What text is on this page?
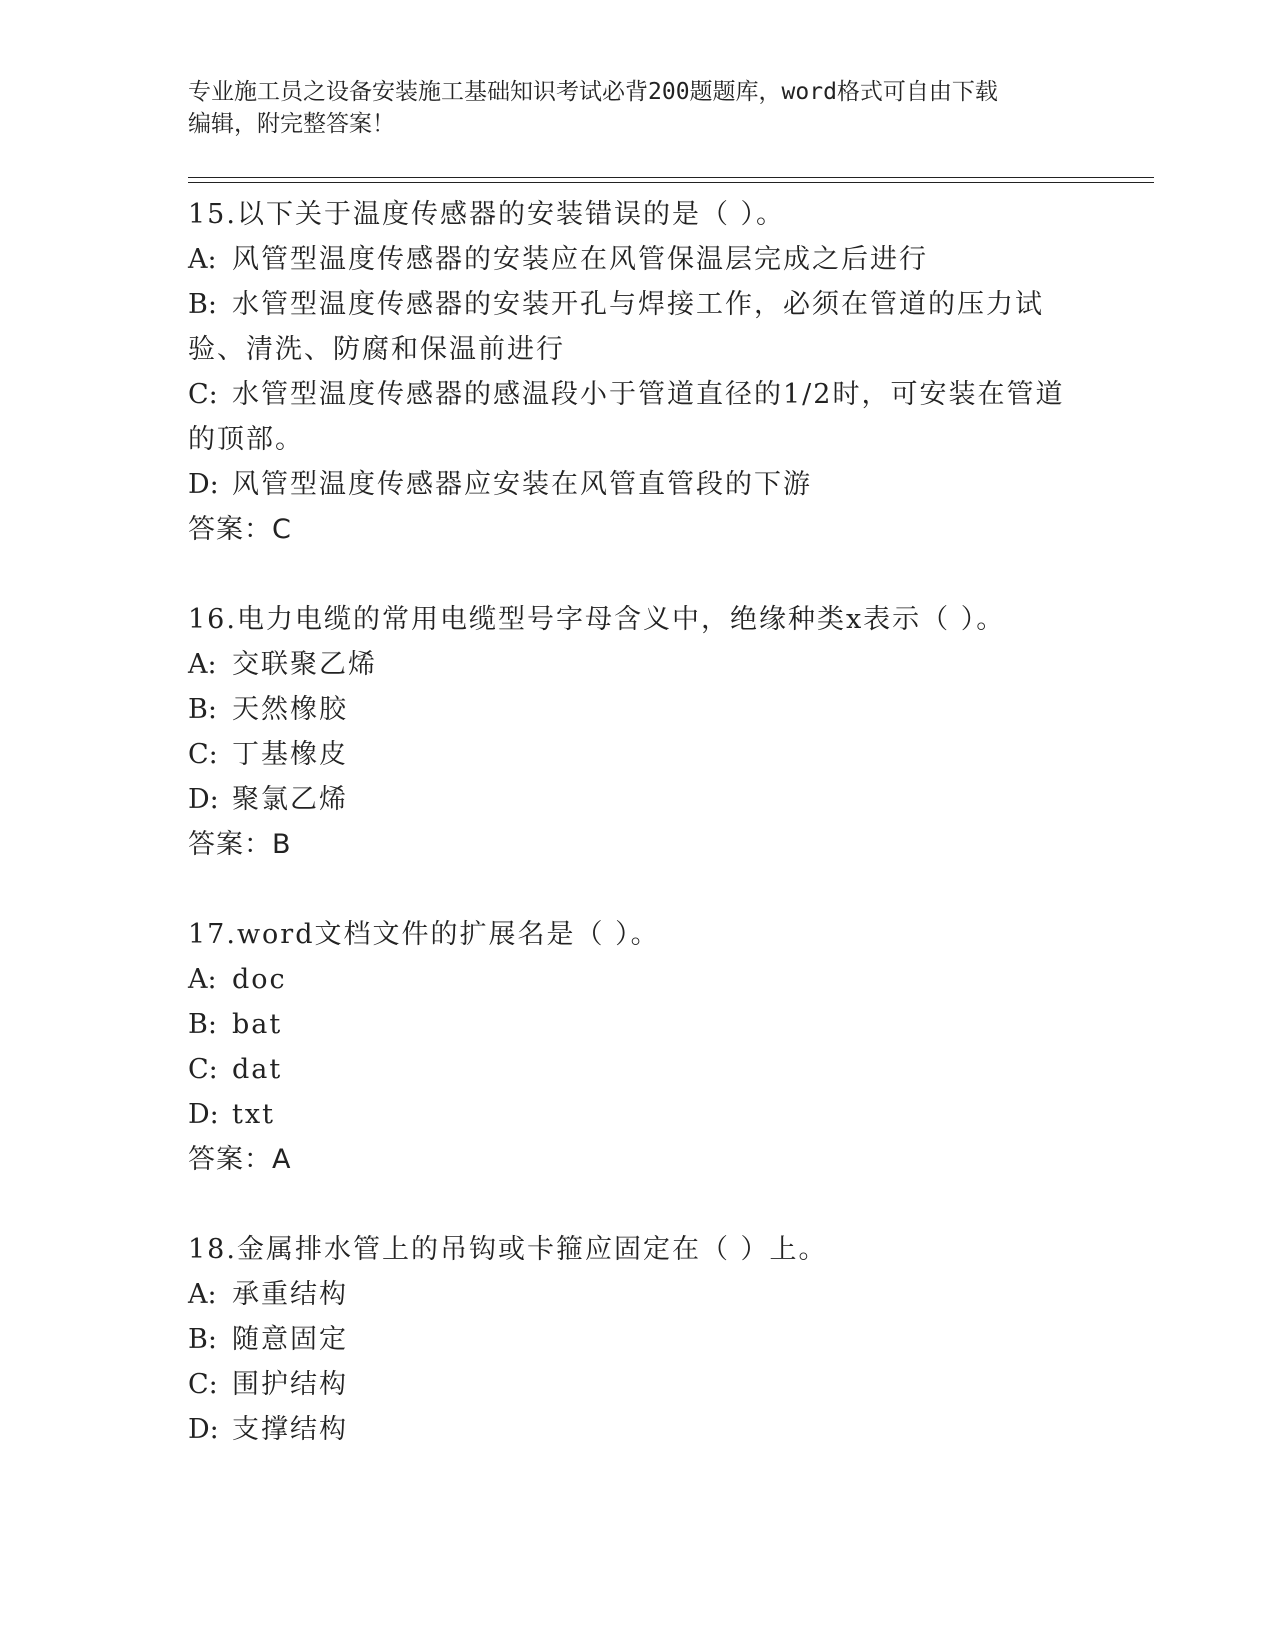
专业施工员之设备安装施工基础知识考试必背200题题库，word格式可自由下载
编辑，附完整答案！
15.以下关于温度传感器的安装错误的是（ ）。
A: 风管型温度传感器的安装应在风管保温层完成之后进行
B: 水管型温度传感器的安装开孔与焊接工作，必须在管道的压力试验、清洗、防腐和保温前进行
C: 水管型温度传感器的感温段小于管道直径的1/2时，可安装在管道的顶部。
D: 风管型温度传感器应安装在风管直管段的下游
答案：C
16.电力电缆的常用电缆型号字母含义中，绝缘种类x表示（ ）。
A: 交联聚乙烯
B: 天然橡胶
C: 丁基橡皮
D: 聚氯乙烯
答案：B
17.word文档文件的扩展名是（ ）。
A: doc
B: bat
C: dat
D: txt
答案：A
18.金属排水管上的吊钩或卡箍应固定在（ ）上。
A: 承重结构
B: 随意固定
C: 围护结构
D: 支撑结构
